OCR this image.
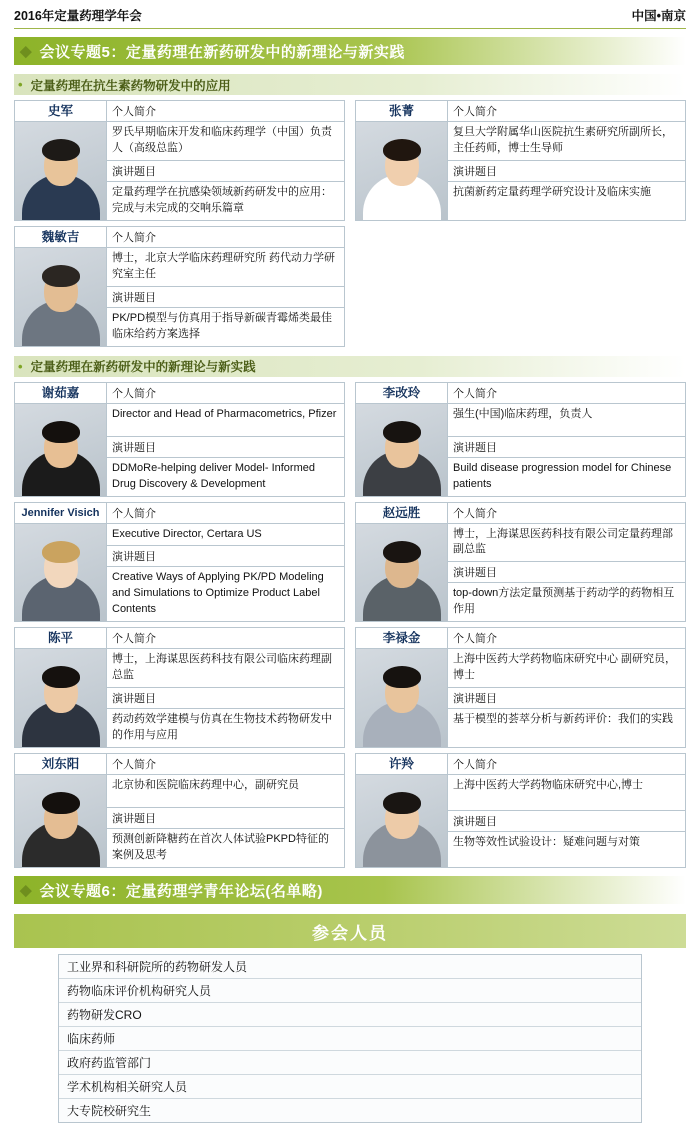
2016年定量药理学年会	中国•南京
◆ 会议专题5：定量药理在新药研发中的新理论与新实践
• 定量药理在抗生素药物研发中的应用
史军	个人简介
罗氏早期临床开发和临床药理学（中国）负责人（高级总监）
演讲题目
定量药理学在抗感染领域新药研发中的应用：完成与未完成的交响乐篇章
张菁	个人简介
复旦大学附属华山医院抗生素研究所副所长，主任药师，博士生导师
演讲题目
抗菌新药定量药理学研究设计及临床实施
魏敏吉	个人简介
博士，北京大学临床药理研究所 药代动力学研究室主任
演讲题目
PK/PD模型与仿真用于指导新碳青霉烯类最佳临床给药方案选择
• 定量药理在新药研发中的新理论与新实践
谢茹嘉	个人简介
Director and Head of Pharmacometrics, Pfizer
演讲题目
DDMoRe-helping deliver Model- Informed Drug Discovery & Development
李改玲	个人简介
强生(中国)临床药理，负责人
演讲题目
Build disease progression model for Chinese patients
Jennifer Visich	个人简介
Executive Director, Certara US
演讲题目
Creative Ways of Applying PK/PD Modeling and Simulations to Optimize Product Label Contents
赵远胜	个人简介
博士，上海谋思医药科技有限公司定量药理部副总监
演讲题目
top-down方法定量预测基于药动学的药物相互作用
陈平	个人简介
博士，上海谋思医药科技有限公司临床药理副总监
演讲题目
药动药效学建模与仿真在生物技术药物研发中的作用与应用
李禄金	个人简介
上海中医药大学药物临床研究中心 副研究员，博士
演讲题目
基于模型的荟萃分析与新药评价：我们的实践
刘东阳	个人简介
北京协和医院临床药理中心，副研究员
演讲题目
预测创新降糖药在首次人体试验PKPD特征的案例及思考
许羚	个人简介
上海中医药大学药物临床研究中心,博士
演讲题目
生物等效性试验设计：疑难问题与对策
◆ 会议专题6：定量药理学青年论坛(名单略)
参会人员
工业界和科研院所的药物研发人员
药物临床评价机构研究人员
药物研发CRO
临床药师
政府药监管部门
学术机构相关研究人员
大专院校研究生
